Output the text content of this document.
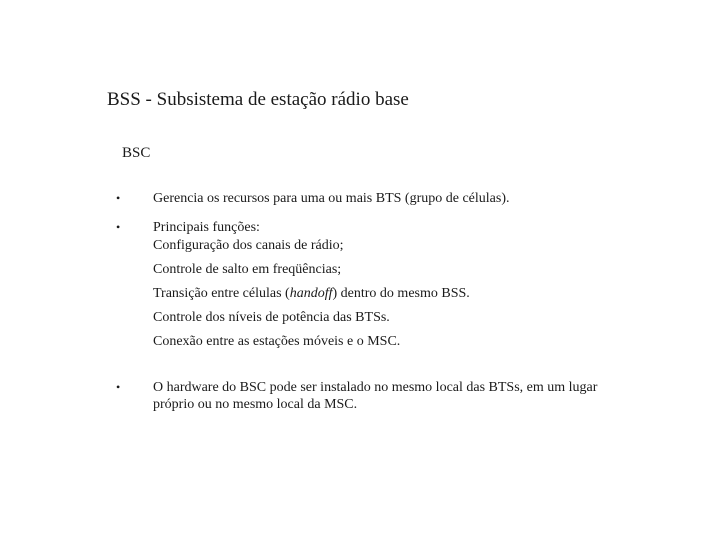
BSS - Subsistema de estação rádio base
BSC
• Gerencia os recursos para uma ou mais BTS (grupo de células).
• Principais funções:
Configuração dos canais de rádio;
Controle de salto em freqüências;
Transição entre células (handoff) dentro do mesmo BSS.
Controle dos níveis de potência das BTSs.
Conexão entre as estações móveis e o MSC.
• O hardware do BSC pode ser instalado no mesmo local das BTSs, em um lugar
próprio ou no mesmo local da MSC.
